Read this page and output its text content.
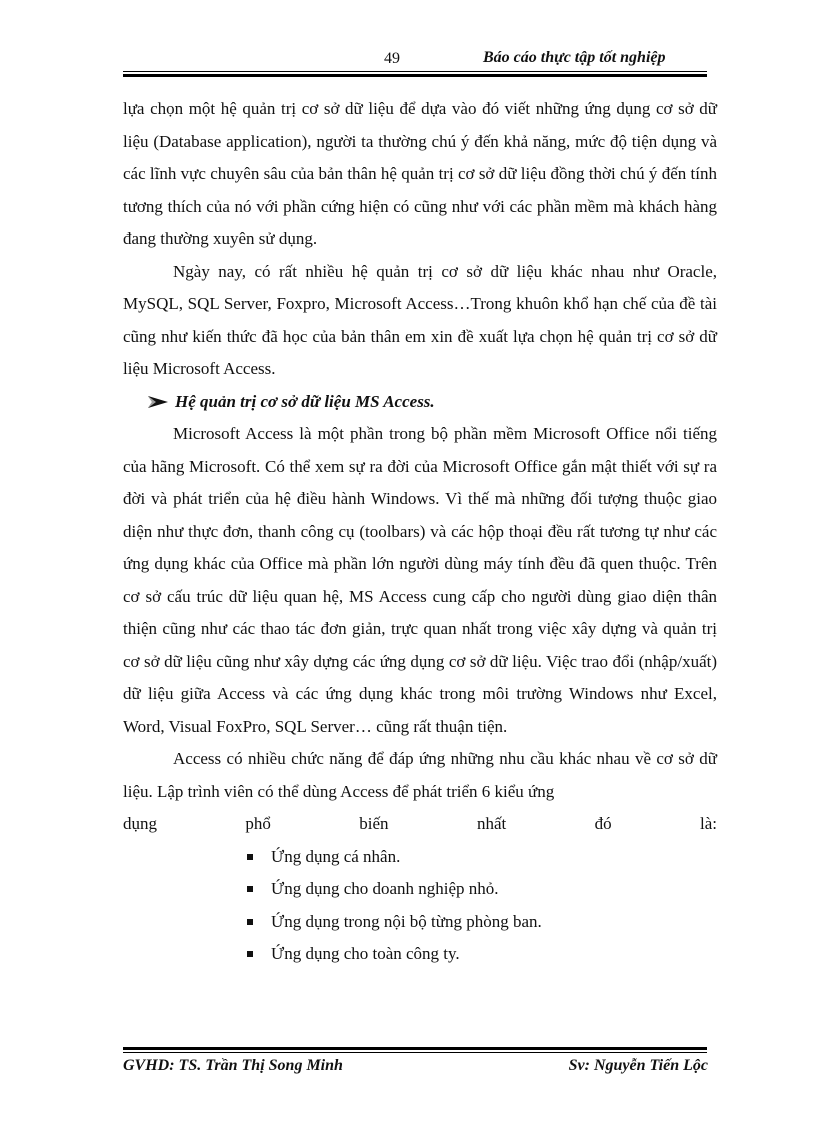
49	Báo cáo thực tập tốt nghiệp

lựa chọn một hệ quản trị cơ sở dữ liệu để dựa vào đó viết những ứng dụng cơ sở dữ liệu (Database application), người ta thường chú ý đến khả năng, mức độ tiện dụng và các lĩnh vực chuyên sâu của bản thân hệ quản trị cơ sở dữ liệu đồng thời chú ý đến tính tương thích của nó với phần cứng hiện có cũng như với các phần mềm mà khách hàng đang thường xuyên sử dụng.

Ngày nay, có rất nhiều hệ quản trị cơ sở dữ liệu khác nhau như Oracle, MySQL, SQL Server, Foxpro, Microsoft Access…Trong khuôn khổ hạn chế của đề tài cũng như kiến thức đã học của bản thân em xin đề xuất lựa chọn hệ quản trị cơ sở dữ liệu Microsoft Access.

Hệ quản trị cơ sở dữ liệu MS Access.

Microsoft Access là một phần trong bộ phần mềm Microsoft Office nổi tiếng của hãng Microsoft. Có thể xem sự ra đời của Microsoft Office gắn mật thiết với sự ra đời và phát triển của hệ điều hành Windows. Vì thế mà những đối tượng thuộc giao diện như thực đơn, thanh công cụ (toolbars) và các hộp thoại đều rất tương tự như các ứng dụng khác của Office mà phần lớn người dùng máy tính đều đã quen thuộc. Trên cơ sở cấu trúc dữ liệu quan hệ, MS Access cung cấp cho người dùng giao diện thân thiện cũng như các thao tác đơn giản, trực quan nhất trong việc xây dựng và quản trị cơ sở dữ liệu cũng như xây dựng các ứng dụng cơ sở dữ liệu. Việc trao đổi (nhập/xuất) dữ liệu giữa Access và các ứng dụng khác trong môi trường Windows như Excel, Word, Visual FoxPro, SQL Server… cũng rất thuận tiện.

Access có nhiều chức năng để đáp ứng những nhu cầu khác nhau về cơ sở dữ liệu. Lập trình viên có thể dùng Access để phát triển 6 kiểu ứng

dụng phổ biến nhất đó là:

Ứng dụng cá nhân.
Ứng dụng cho doanh nghiệp nhỏ.
Ứng dụng trong nội bộ từng phòng ban.
Ứng dụng cho toàn công ty.
GVHD: TS. Trần Thị Song Minh	Sv: Nguyễn Tiến Lộc
